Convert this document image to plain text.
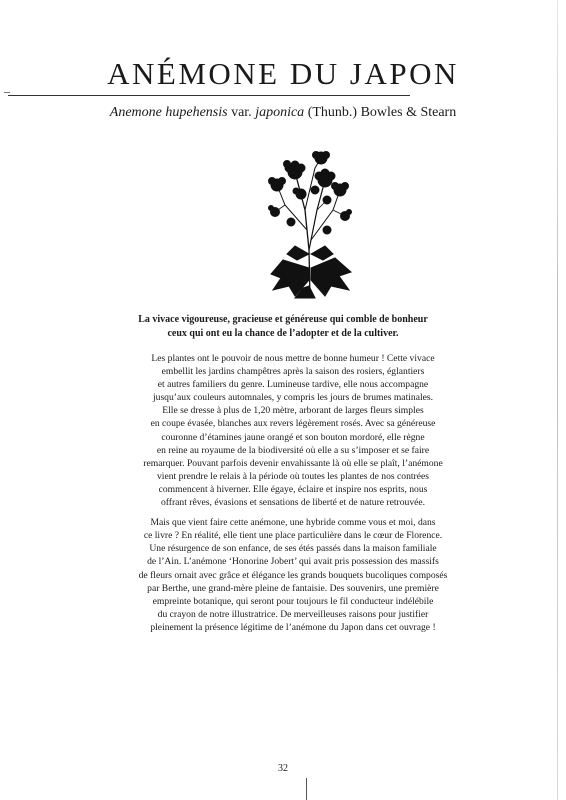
ANÉMONE DU JAPON
Anemone hupehensis var. japonica (Thunb.) Bowles & Stearn
La vivace vigoureuse, gracieuse et généreuse qui comble de bonheur
ceux qui ont eu la chance de l’adopter et de la cultiver.

Les plantes ont le pouvoir de nous mettre de bonne humeur ! Cette vivace
embellit les jardins champêtres après la saison des rosiers, églantiers
et autres familiers du genre. Lumineuse tardive, elle nous accompagne
jusqu’aux couleurs automnales, y compris les jours de brumes matinales.
Elle se dresse à plus de 1,20 mètre, arborant de larges fleurs simples
en coupe évasée, blanches aux revers légèrement rosés. Avec sa généreuse
couronne d’étamines jaune orangé et son bouton mordoré, elle règne
en reine au royaume de la biodiversité où elle a su s’imposer et se faire
remarquer. Pouvant parfois devenir envahissante là où elle se plaît, l’anémone
vient prendre le relais à la période où toutes les plantes de nos contrées
commencent à hiverner. Elle égaye, éclaire et inspire nos esprits, nous
offrant rêves, évasions et sensations de liberté et de nature retrouvée.

Mais que vient faire cette anémone, une hybride comme vous et moi, dans
ce livre ? En réalité, elle tient une place particulière dans le cœur de Florence.
Une résurgence de son enfance, de ses étés passés dans la maison familiale
de l’Ain. L’anémone ‘Honorine Jobert’ qui avait pris possession des massifs
de fleurs ornait avec grâce et élégance les grands bouquets bucoliques composés
par Berthe, une grand-mère pleine de fantaisie. Des souvenirs, une première
empreinte botanique, qui seront pour toujours le fil conducteur indélébile
du crayon de notre illustratrice. De merveilleuses raisons pour justifier
pleinement la présence légitime de l’anémone du Japon dans cet ouvrage !

32
